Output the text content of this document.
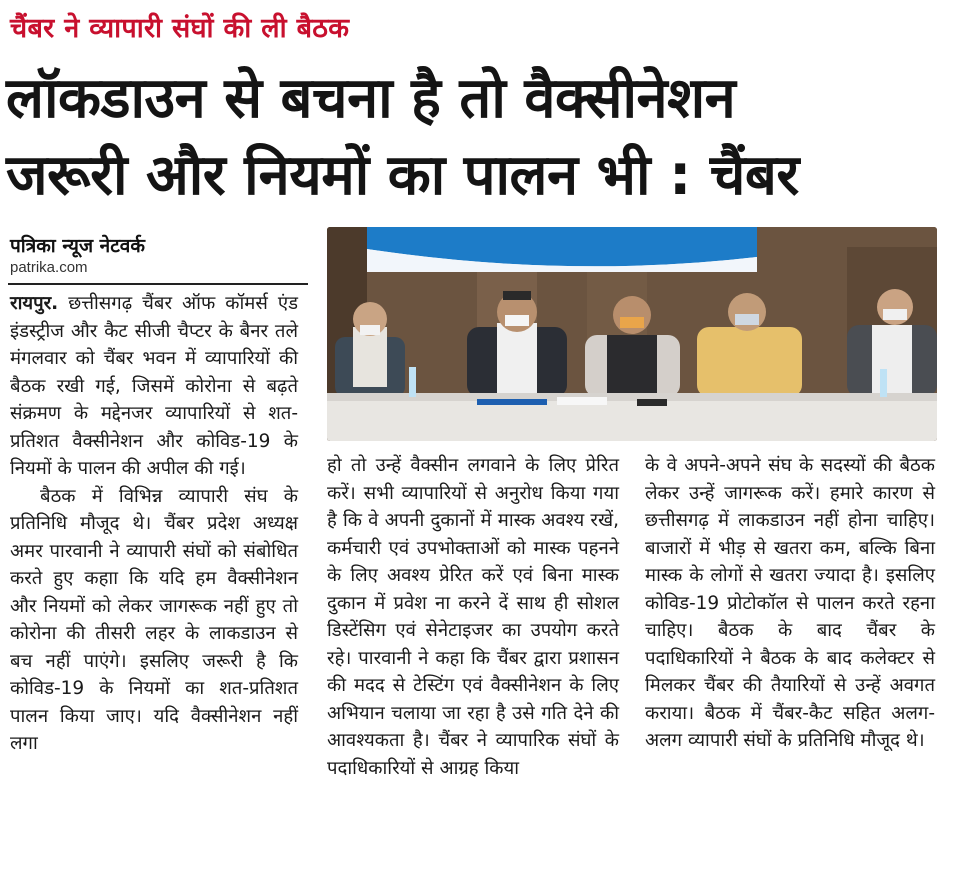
चैंबर ने व्यापारी संघों की ली बैठक
लॉकडाउन से बचना है तो वैक्सीनेशन
जरूरी और नियमों का पालन भी : चैंबर
पत्रिका न्यूज नेटवर्क
patrika.com

रायपुर. छत्तीसगढ़ चैंबर ऑफ कॉमर्स एंड इंडस्ट्रीज और कैट सीजी चैप्टर के बैनर तले मंगलवार को चैंबर भवन में व्यापारियों की बैठक रखी गई, जिसमें कोरोना से बढ़ते संक्रमण के मद्देनजर व्यापारियों से शत-प्रतिशत वैक्सीनेशन और कोविड-19 के नियमों के पालन की अपील की गई।

बैठक में विभिन्न व्यापारी संघ के प्रतिनिधि मौजूद थे। चैंबर प्रदेश अध्यक्ष अमर पारवानी ने व्यापारी संघों को संबोधित करते हुए कहाा कि यदि हम वैक्सीनेशन और नियमों को लेकर जागरूक नहीं हुए तो कोरोना की तीसरी लहर के लाकडाउन से बच नहीं पाएंगे। इसलिए जरूरी है कि कोविड-19 के नियमों का शत-प्रतिशत पालन किया जाए। यदि वैक्सीनेशन नहीं लगा

हो तो उन्हें वैक्सीन लगवाने के लिए प्रेरित करें। सभी व्यापारियों से अनुरोध किया गया है कि वे अपनी दुकानों में मास्क अवश्य रखें, कर्मचारी एवं उपभोक्ताओं को मास्क पहनने के लिए अवश्य प्रेरित करें एवं बिना मास्क दुकान में प्रवेश ना करने दें साथ ही सोशल डिस्टेंसिग एवं सेनेटाइजर का उपयोग करते रहे। पारवानी ने कहा कि चैंबर द्वारा प्रशासन की मदद से टेस्टिंग एवं वैक्सीनेशन के लिए अभियान चलाया जा रहा है उसे गति देने की आवश्यकता है। चैंबर ने व्यापारिक संघों के पदाधिकारियों से आग्रह किया

के वे अपने-अपने संघ के सदस्यों की बैठक लेकर उन्हें जागरूक करें। हमारे कारण से छत्तीसगढ़ में लाकडाउन नहीं होना चाहिए। बाजारों में भीड़ से खतरा कम, बल्कि बिना मास्क के लोगों से खतरा ज्यादा है। इसलिए कोविड-19 प्रोटोकॉल से पालन करते रहना चाहिए। बैठक के बाद चैंबर के पदाधिकारियों ने बैठक के बाद कलेक्टर से मिलकर चैंबर की तैयारियों से उन्हें अवगत कराया। बैठक में चैंबर-कैट सहित अलग-अलग व्यापारी संघों के प्रतिनिधि मौजूद थे।
